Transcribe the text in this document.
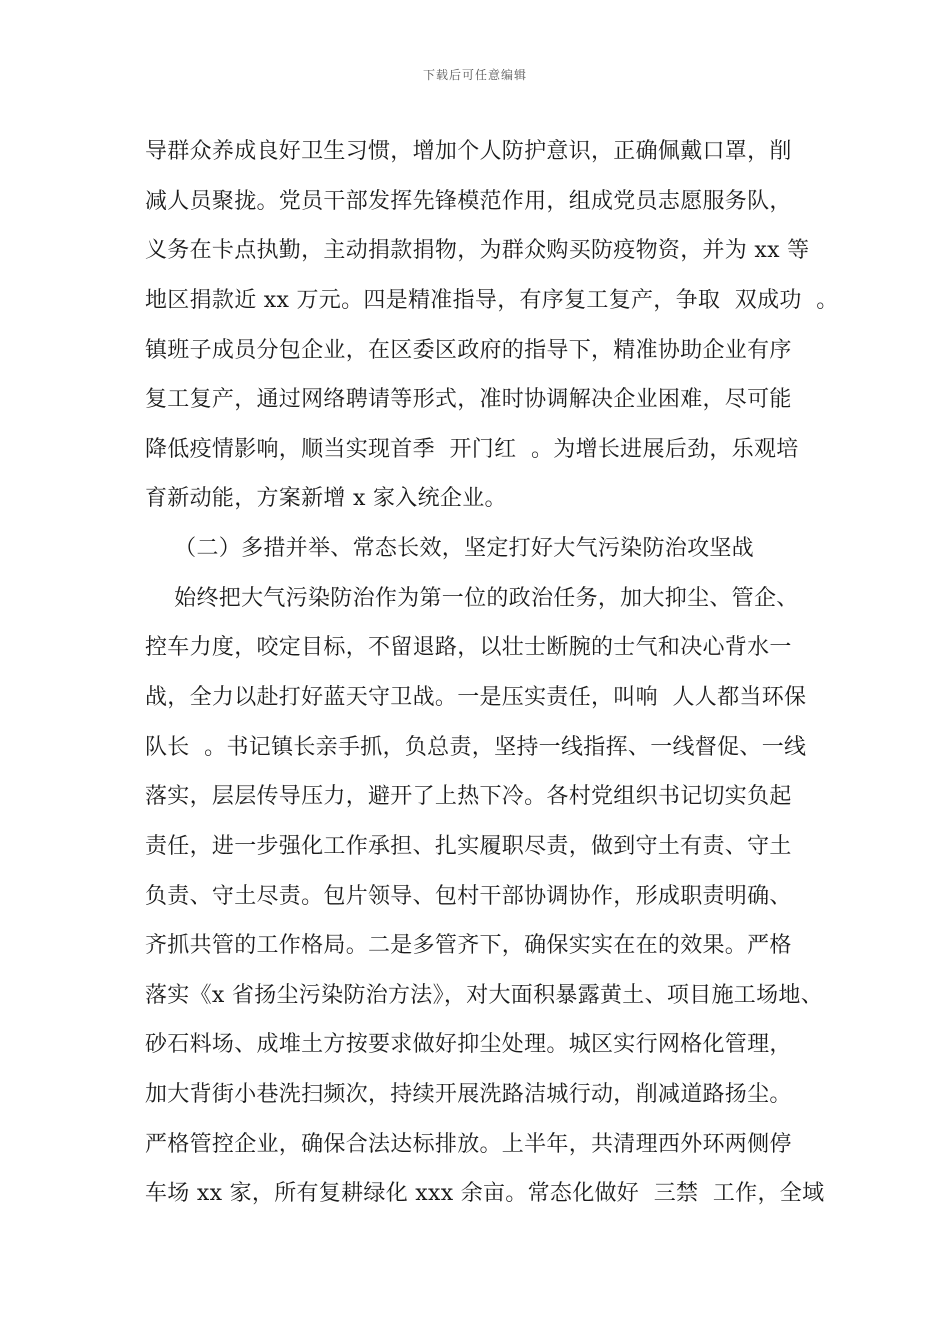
下载后可任意编辑
导群众养成良好卫生习惯，增加个人防护意识，正确佩戴口罩，削
减人员聚拢。党员干部发挥先锋模范作用，组成党员志愿服务队，
义务在卡点执勤，主动捐款捐物，为群众购买防疫物资，并为 xx 等
地区捐款近 xx 万元。四是精准指导，有序复工复产，争取  双成功  。
镇班子成员分包企业，在区委区政府的指导下，精准协助企业有序
复工复产，通过网络聘请等形式，准时协调解决企业困难，尽可能
降低疫情影响，顺当实现首季  开门红  。为增长进展后劲，乐观培
育新动能，方案新增 x 家入统企业。
（二）多措并举、常态长效，坚定打好大气污染防治攻坚战
始终把大气污染防治作为第一位的政治任务，加大抑尘、管企、
控车力度，咬定目标，不留退路，以壮士断腕的士气和决心背水一
战，全力以赴打好蓝天守卫战。一是压实责任，叫响  人人都当环保
队长  。书记镇长亲手抓，负总责，坚持一线指挥、一线督促、一线
落实，层层传导压力，避开了上热下冷。各村党组织书记切实负起
责任，进一步强化工作承担、扎实履职尽责，做到守土有责、守土
负责、守土尽责。包片领导、包村干部协调协作，形成职责明确、
齐抓共管的工作格局。二是多管齐下，确保实实在在的效果。严格
落实《x 省扬尘污染防治方法》，对大面积暴露黄土、项目施工场地、
砂石料场、成堆土方按要求做好抑尘处理。城区实行网格化管理，
加大背街小巷洗扫频次，持续开展洗路洁城行动，削减道路扬尘。
严格管控企业，确保合法达标排放。上半年，共清理西外环两侧停
车场 xx 家，所有复耕绿化 xxx 余亩。常态化做好  三禁  工作，全域
